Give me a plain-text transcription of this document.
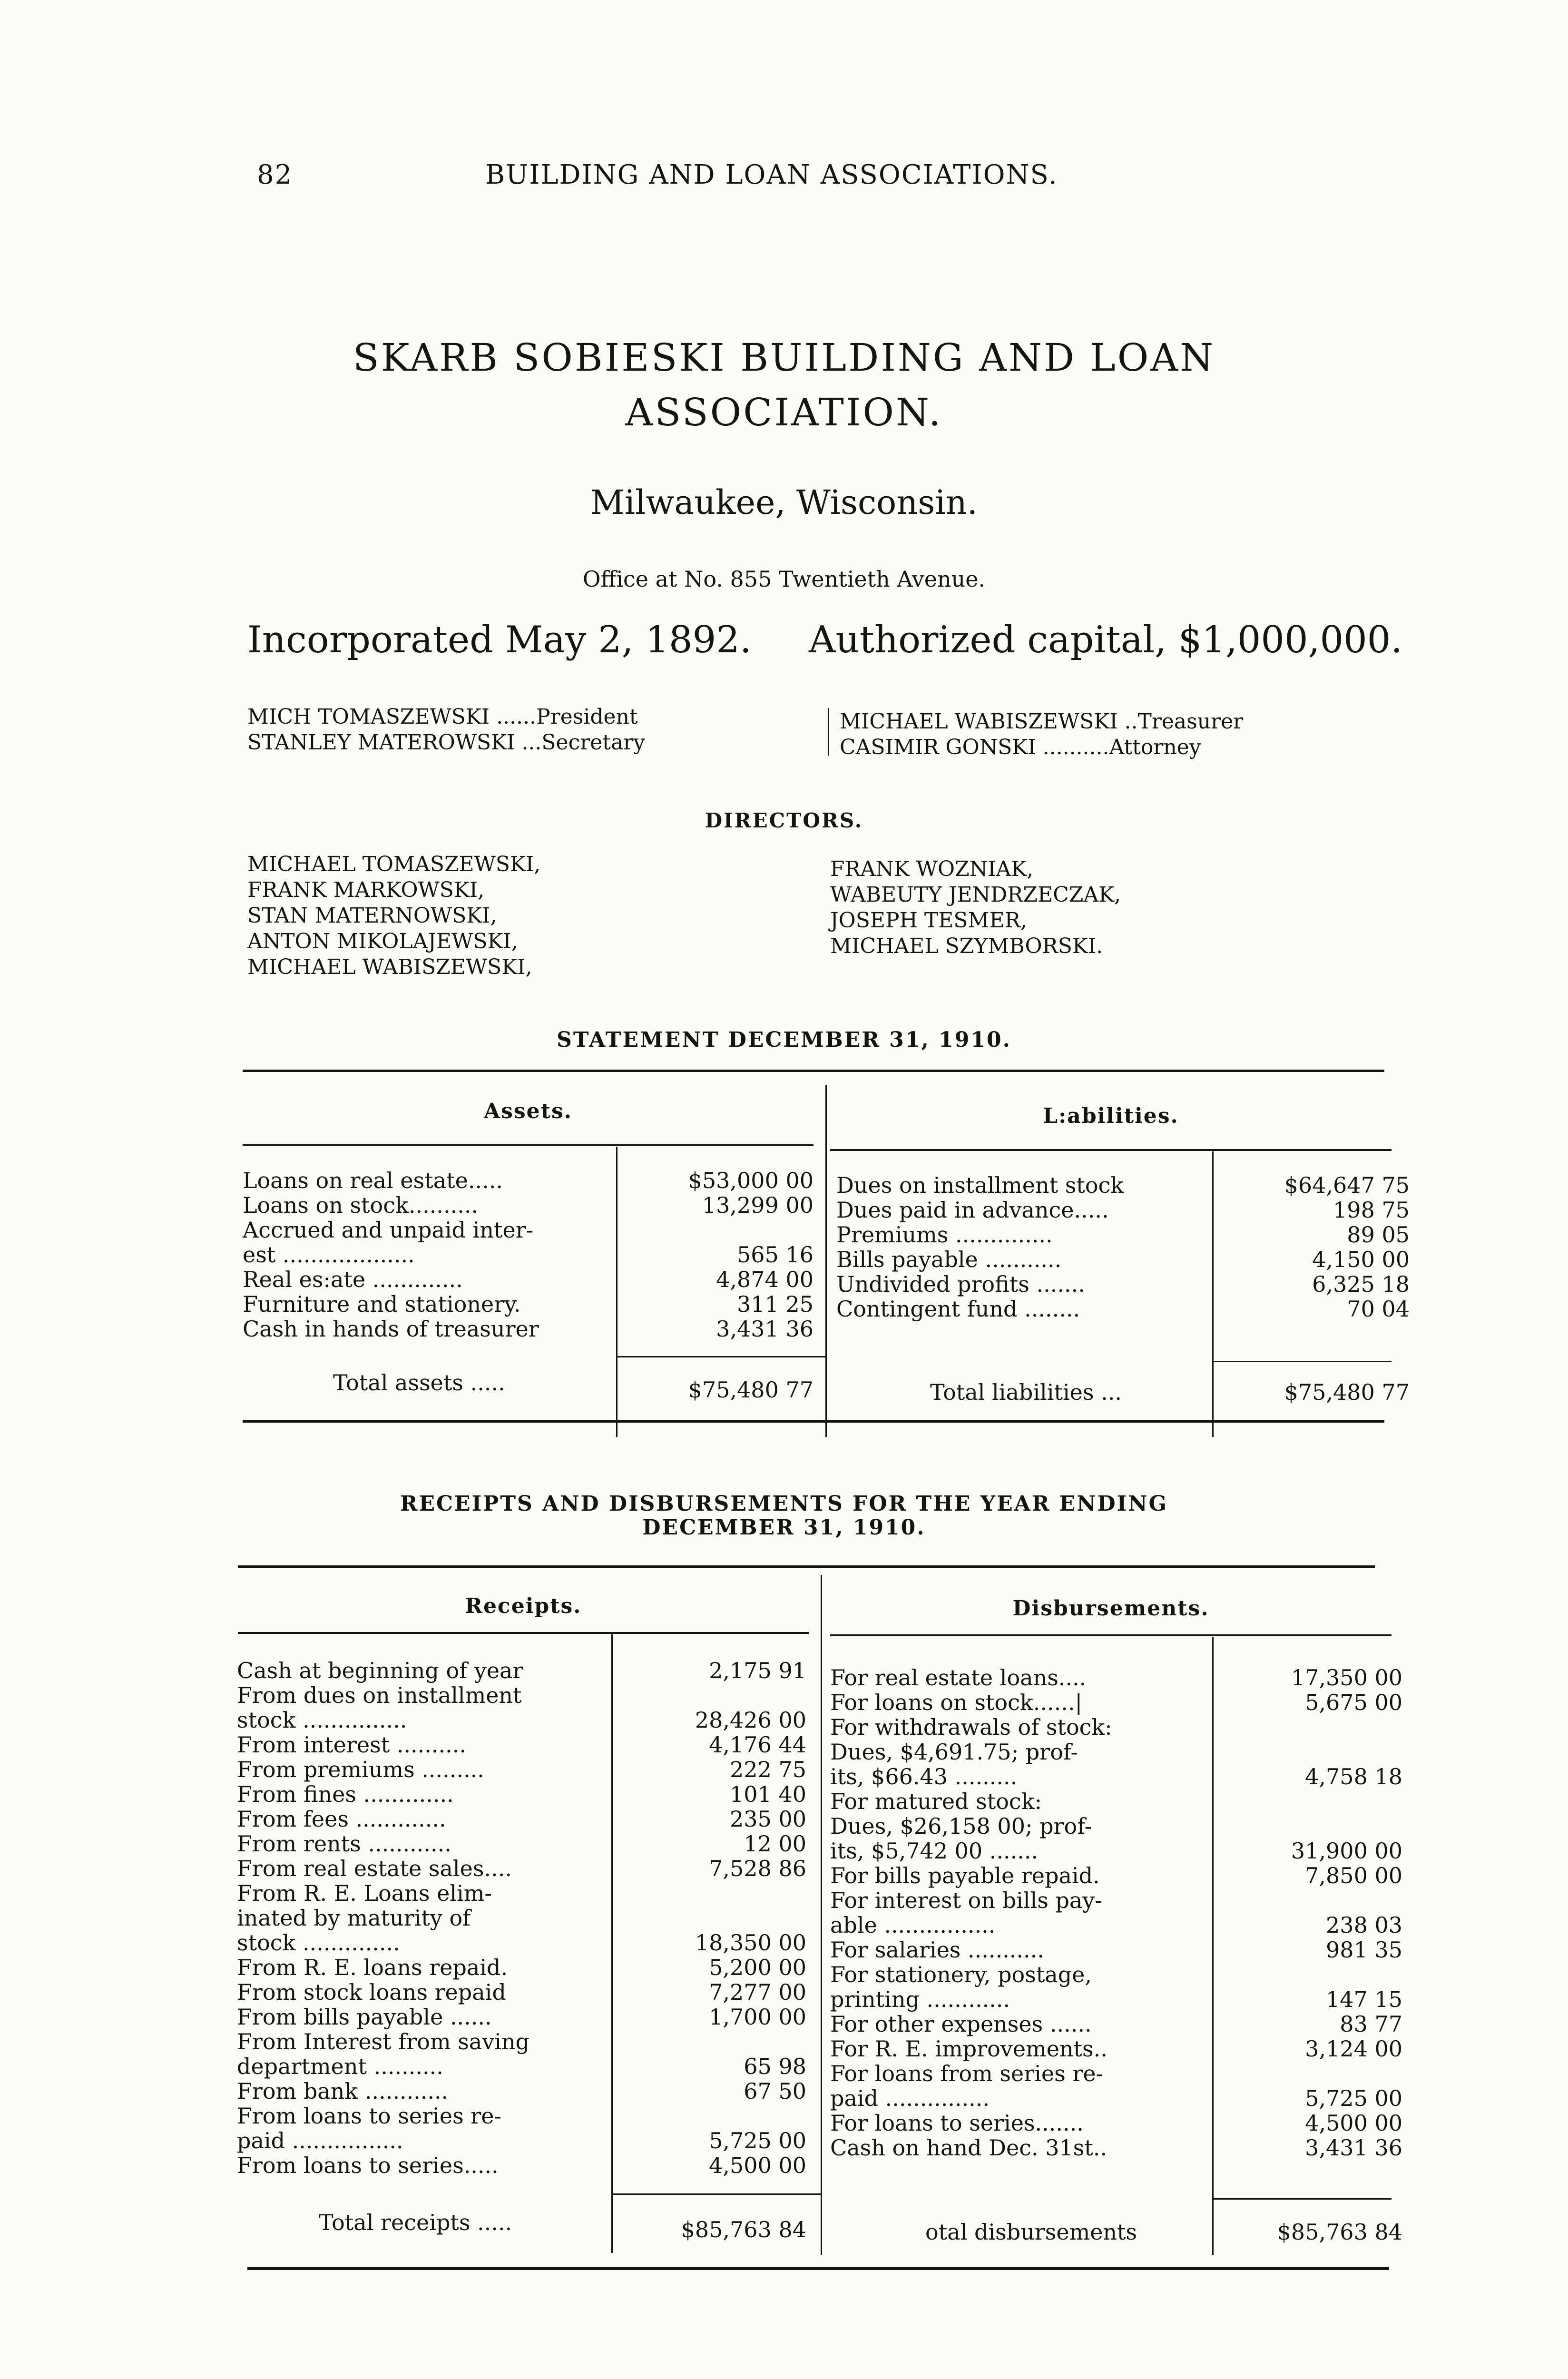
82	BUILDING AND LOAN ASSOCIATIONS.
SKARB SOBIESKI BUILDING AND LOAN
ASSOCIATION.
Milwaukee, Wisconsin.
Office at No. 855 Twentieth Avenue.
Incorporated May 2, 1892. Authorized capital, $1,000,000.
MICH TOMASZEWSKI ......President
STANLEY MATEROWSKI ...Secretary
MICHAEL WABISZEWSKI ..Treasurer
CASIMIR GONSKI ..........Attorney
DIRECTORS.
MICHAEL TOMASZEWSKI,
FRANK MARKOWSKI,
STAN MATERNOWSKI,
ANTON MIKOLAJEWSKI,
MICHAEL WABISZEWSKI,
FRANK WOZNIAK,
WABEUTY JENDRZECZAK,
JOSEPH TESMER,
MICHAEL SZYMBORSKI.
STATEMENT DECEMBER 31, 1910.
Assets.	L:abilities.
Loans on real estate.....	$53,000 00
Loans on stock..........	13,299 00
Accrued and unpaid inter-
est ...................	565 16
Real es:ate .............	4,874 00
Furniture and stationery.	311 25
Cash in hands of treasurer	3,431 36
Dues on installment stock	$64,647 75
Dues paid in advance.....	198 75
Premiums ..............	89 05
Bills payable ...........	4,150 00
Undivided profits .......	6,325 18
Contingent fund ........	70 04
Total assets .....	$75,480 77	Total liabilities ...	$75,480 77
RECEIPTS AND DISBURSEMENTS FOR THE YEAR ENDING
DECEMBER 31, 1910.
Receipts.	Disbursements.
Cash at beginning of year	2,175 91
From dues on installment
stock ...............	28,426 00
From interest ..........	4,176 44
From premiums .........	222 75
From fines .............	101 40
From fees .............	235 00
From rents ............	12 00
From real estate sales....	7,528 86
From R. E. Loans elim-
inated by maturity of
stock ..............	18,350 00
From R. E. loans repaid.	5,200 00
From stock loans repaid	7,277 00
From bills payable ......	1,700 00
From Interest from saving
department ..........	65 98
From bank ............	67 50
From loans to series re-
paid ................	5,725 00
From loans to series.....	4,500 00
For real estate loans....	17,350 00
For loans on stock......|	5,675 00
For withdrawals of stock:
Dues, $4,691.75; prof-
its, $66.43 .........	4,758 18
For matured stock:
Dues, $26,158 00; prof-
its, $5,742 00 .......	31,900 00
For bills payable repaid.	7,850 00
For interest on bills pay-
able ................	238 03
For salaries ...........	981 35
For stationery, postage,
printing ............	147 15
For other expenses ......	83 77
For R. E. improvements..	3,124 00
For loans from series re-
paid ...............	5,725 00
For loans to series.......	4,500 00
Cash on hand Dec. 31st..	3,431 36
Total receipts .....	$85,763 84	otal disbursements	$85,763 84
